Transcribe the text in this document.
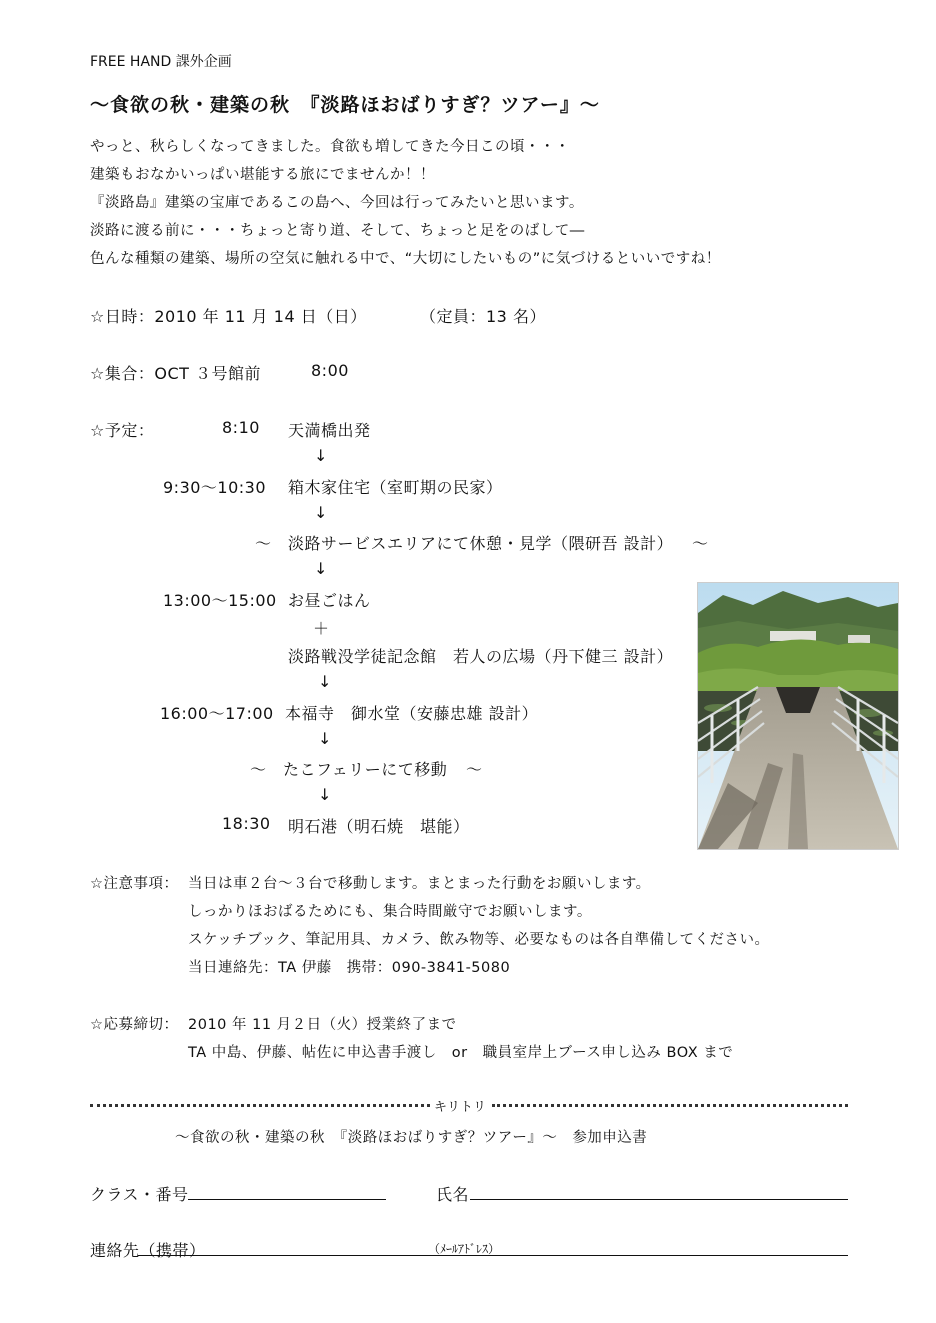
FREE HAND 課外企画
～食欲の秋・建築の秋　『淡路ほおばりすぎ？ツアー』～
やっと、秋らしくなってきました。食欲も増してきた今日この頃・・・
建築もおなかいっぱい堪能する旅にでませんか！！
『淡路島』建築の宝庫であるこの島へ、今回は行ってみたいと思います。
淡路に渡る前に・・・ちょっと寄り道、そして、ちょっと足をのばして―
色んな種類の建築、場所の空気に触れる中で、“大切にしたいもの”に気づけるといいですね！
☆日時：2010 年 11 月 14 日（日）	（定員：13 名）
☆集合：OCT ３号館前	8:00
☆予定：	8:10 天満橋出発
↓
9:30～10:30 箱木家住宅（室町期の民家）
↓
～ 淡路サービスエリアにて休憩・見学（隈研吾 設計） ～
↓
13:00～15:00 お昼ごはん
＋
淡路戦没学徒記念館　若人の広場（丹下健三 設計）
↓
16:00～17:00 本福寺　御水堂（安藤忠雄 設計）
↓
～ たこフェリーにて移動 ～
↓
18:30 明石港（明石焼　堪能）
☆注意事項： 当日は車２台～３台で移動します。まとまった行動をお願いします。
しっかりほおばるためにも、集合時間厳守でお願いします。
スケッチブック、筆記用具、カメラ、飲み物等、必要なものは各自準備してください。
当日連絡先：TA 伊藤　携帯：090-3841-5080
☆応募締切： 2010 年 11 月２日（火）授業終了まで
TA 中島、伊藤、帖佐に申込書手渡し　or　職員室岸上ブース申し込み BOX まで
キリトリ
～食欲の秋・建築の秋　『淡路ほおばりすぎ？ツアー』～　参加申込書
クラス・番号	氏名
連絡先（携帯）	（ﾒｰﾙｱﾄﾞﾚｽ）
